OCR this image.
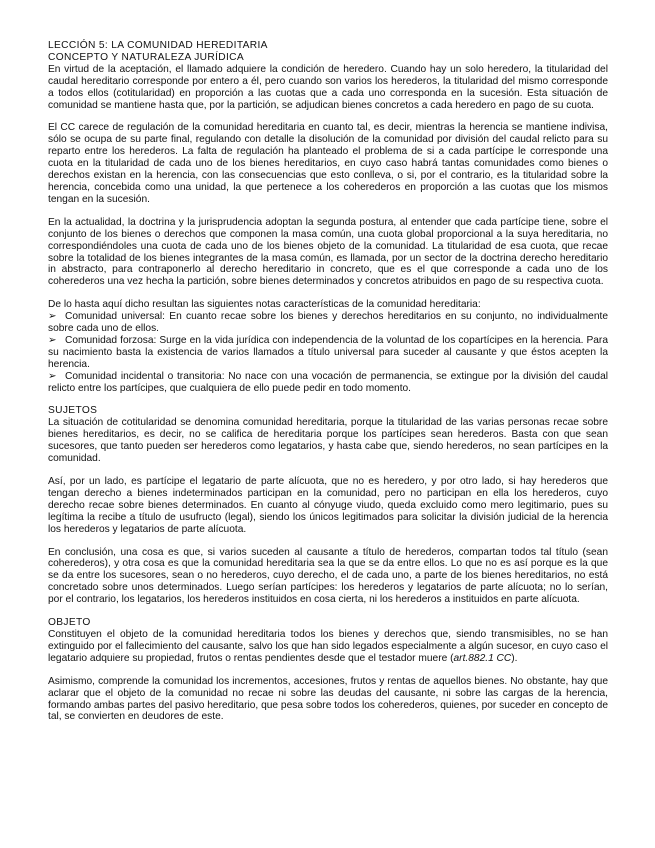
LECCIÓN 5: LA COMUNIDAD HEREDITARIA

CONCEPTO Y NATURALEZA JURÍDICA

En virtud de la aceptación, el llamado adquiere la condición de heredero. Cuando hay un solo heredero, la titularidad del caudal hereditario corresponde por entero a él, pero cuando son varios los herederos, la titularidad del mismo corresponde a todos ellos (cotitularidad) en proporción a las cuotas que a cada uno corresponda en la sucesión. Esta situación de comunidad se mantiene hasta que, por la partición, se adjudican bienes concretos a cada heredero en pago de su cuota.

El CC carece de regulación de la comunidad hereditaria en cuanto tal, es decir, mientras la herencia se mantiene indivisa, sólo se ocupa de su parte final, regulando con detalle la disolución de la comunidad por división del caudal relicto para su reparto entre los herederos. La falta de regulación ha planteado el problema de si a cada partícipe le corresponde una cuota en la titularidad de cada uno de los bienes hereditarios, en cuyo caso habrá tantas comunidades como bienes o derechos existan en la herencia, con las consecuencias que esto conlleva, o si, por el contrario, es la titularidad sobre la herencia, concebida como una unidad, la que pertenece a los coherederos en proporción a las cuotas que los mismos tengan en la sucesión.

En la actualidad, la doctrina y la jurisprudencia adoptan la segunda postura, al entender que cada partícipe tiene, sobre el conjunto de los bienes o derechos que componen la masa común, una cuota global proporcional a la suya hereditaria, no correspondiéndoles una cuota de cada uno de los bienes objeto de la comunidad. La titularidad de esa cuota, que recae sobre la totalidad de los bienes integrantes de la masa común, es llamada, por un sector de la doctrina derecho hereditario in abstracto, para contraponerlo al derecho hereditario in concreto, que es el que corresponde a cada uno de los coherederos una vez hecha la partición, sobre bienes determinados y concretos atribuidos en pago de su respectiva cuota.

De lo hasta aquí dicho resultan las siguientes notas características de la comunidad hereditaria:

➢ Comunidad universal: En cuanto recae sobre los bienes y derechos hereditarios en su conjunto, no individualmente sobre cada uno de ellos.

➢ Comunidad forzosa: Surge en la vida jurídica con independencia de la voluntad de los copartícipes en la herencia. Para su nacimiento basta la existencia de varios llamados a título universal para suceder al causante y que éstos acepten la herencia.

➢ Comunidad incidental o transitoria: No nace con una vocación de permanencia, se extingue por la división del caudal relicto entre los partícipes, que cualquiera de ello puede pedir en todo momento.

SUJETOS

La situación de cotitularidad se denomina comunidad hereditaria, porque la titularidad de las varias personas recae sobre bienes hereditarios, es decir, no se califica de hereditaria porque los partícipes sean herederos. Basta con que sean sucesores, que tanto pueden ser herederos como legatarios, y hasta cabe que, siendo herederos, no sean partícipes en la comunidad.

Así, por un lado, es partícipe el legatario de parte alícuota, que no es heredero, y por otro lado, si hay herederos que tengan derecho a bienes indeterminados participan en la comunidad, pero no participan en ella los herederos, cuyo derecho recae sobre bienes determinados. En cuanto al cónyuge viudo, queda excluido como mero legitimario, pues su legítima la recibe a título de usufructo (legal), siendo los únicos legitimados para solicitar la división judicial de la herencia los herederos y legatarios de parte alícuota.

En conclusión, una cosa es que, si varios suceden al causante a título de herederos, compartan todos tal título (sean coherederos), y otra cosa es que la comunidad hereditaria sea la que se da entre ellos. Lo que no es así porque es la que se da entre los sucesores, sean o no herederos, cuyo derecho, el de cada uno, a parte de los bienes hereditarios, no está concretado sobre unos determinados. Luego serían partícipes: los herederos y legatarios de parte alícuota; no lo serían, por el contrario, los legatarios, los herederos instituidos en cosa cierta, ni los herederos a instituidos en parte alícuota.

OBJETO

Constituyen el objeto de la comunidad hereditaria todos los bienes y derechos que, siendo transmisibles, no se han extinguido por el fallecimiento del causante, salvo los que han sido legados especialmente a algún sucesor, en cuyo caso el legatario adquiere su propiedad, frutos o rentas pendientes desde que el testador muere (art.882.1 CC).

Asimismo, comprende la comunidad los incrementos, accesiones, frutos y rentas de aquellos bienes. No obstante, hay que aclarar que el objeto de la comunidad no recae ni sobre las deudas del causante, ni sobre las cargas de la herencia, formando ambas partes del pasivo hereditario, que pesa sobre todos los coherederos, quienes, por suceder en concepto de tal, se convierten en deudores de este.
